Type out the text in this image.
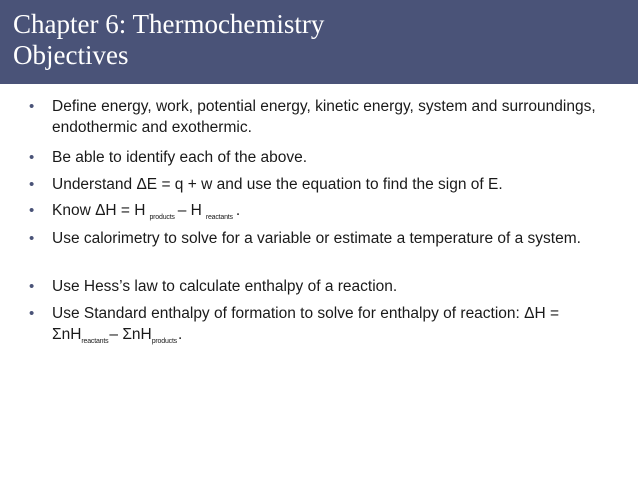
Chapter 6: Thermochemistry
Objectives
• Define energy, work, potential energy, kinetic energy, system and surroundings, endothermic and exothermic.
• Be able to identify each of the above.
• Understand ΔE = q + w and use the equation to find the sign of E.
• Know ΔH = H $_{products}$ – H $_{reactants}$ .
• Use calorimetry to solve for a variable or estimate a temperature of a system.
• Use Hess’s law to calculate enthalpy of a reaction.
• Use Standard enthalpy of formation to solve for enthalpy of reaction: ΔH = ΣnH$_{reactants}$– ΣnH$_{products}$.
